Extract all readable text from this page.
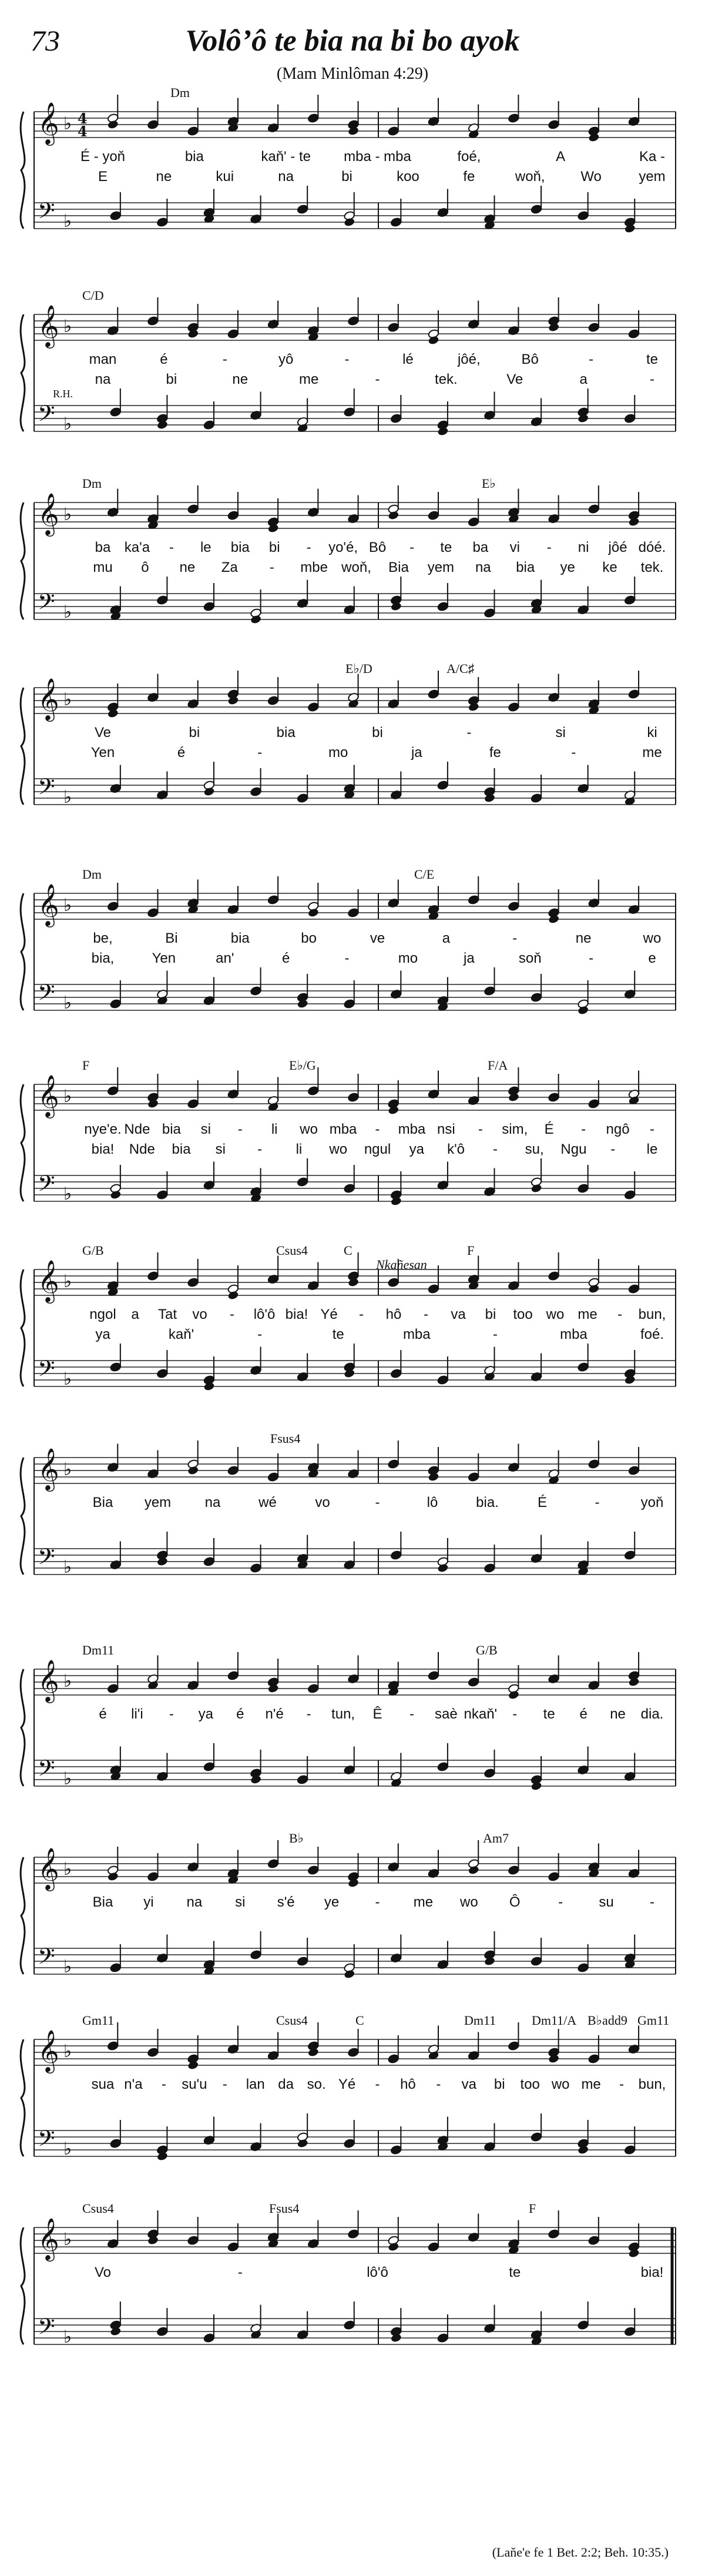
73	Volôʼô te bia na bi bo ayok
(Mam Minlôman 4:29)
𝄞
𝄢
♭
♭
4
4
Dm
É - yoň	bia	kaň' - te mba - mba	foé,	A	Ka -
E	ne	kui	na	bi	koo	fe	woň,	Wo	yem
𝄞
𝄢
♭
♭
C/D
R.H.
man	é	-	yô	-	lé	jôé,	Bô	-	te
na	bi	ne	me	-	tek.	Ve	a	-
𝄞
𝄢
♭
♭
Dm	E♭
ba ka'a - le bia bi - yo'é, Bô - te ba vi - ni jôé dóé.
mu ô ne Za - mbe woň, Bia yem na bia ye ke tek.
𝄞
𝄢
♭
♭
E♭/D	A/C♯
Ve	bi	bia	bi	-	si	ki
Yen	é	-	mo	ja	fe	-	me
𝄞
𝄢
♭
♭
Dm	C/E
be,	Bi	bia	bo	ve	a	-	ne	wo
bia,	Yen	an'	é	-	mo	ja	soň	-	e
𝄞
𝄢
♭
♭
F	E♭/G	F/A
nye'e. Nde bia si - li wo mba - mba nsi - sim, É - ngô -
bia! Nde bia si - li wo ngul ya k'ô - su, Ngu - le
𝄞
𝄢
♭
♭
G/B	Csus4	C	F
Nkañesan
ngol a Tat vo - lô'ô bia! Yé - hô - va bi too wo me - bun,
ya	kaň'	-	te	mba	-	mba	foé.
𝄞
𝄢
♭
♭
Fsus4
Bia yem na	wé	vo	-	lô	bia.	É	-	yoň
𝄞
𝄢
♭
♭
Dm11	G/B
é li'i - ya é n'é - tun, Ê - saè nkaň' - te é ne dia.
𝄞
𝄢
♭
♭
B♭	Am7
Bia yi na si s'é ye	- me wo Ô	-	su	-
𝄞
𝄢
♭
♭
Gm11	Csus4	C	Dm11	Dm11/A B♭add9 Gm11
sua n'a - su'u - lan da so. Yé - hô - va bi too wo me - bun,
𝄞
𝄢
♭
♭
Csus4	Fsus4	F
Vo	-	lô'ô	te	bia!
(Laňe'e fe 1 Bet. 2:2; Beh. 10:35.)
